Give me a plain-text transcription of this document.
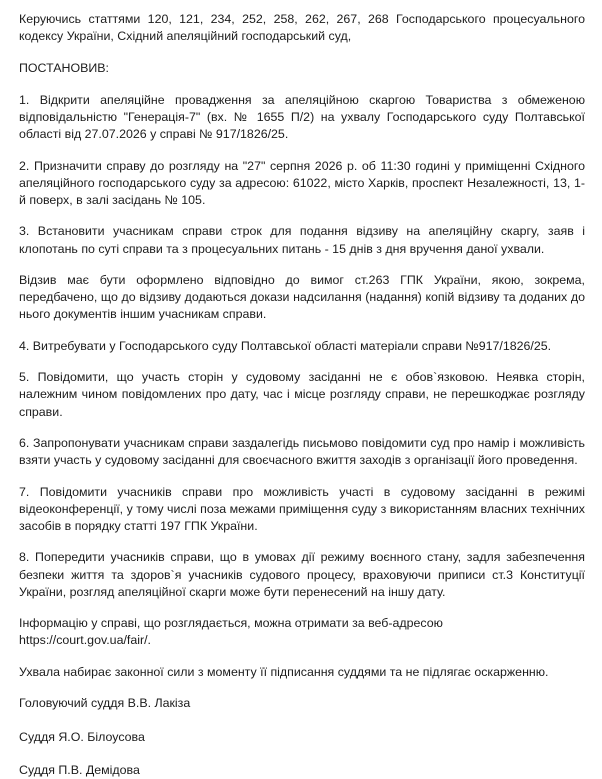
Керуючись статтями 120, 121, 234, 252, 258, 262, 267, 268 Господарського процесуального кодексу України, Східний апеляційний господарський суд,

ПОСТАНОВИВ:

1. Відкрити апеляційне провадження за апеляційною скаргою Товариства з обмеженою відповідальністю "Генерація-7" (вх. № 1655 П/2) на ухвалу Господарського суду Полтавської області від 27.07.2026 у справі № 917/1826/25.

2. Призначити справу до розгляду на "27" серпня 2026 р. об 11:30 годині у приміщенні Східного апеляційного господарського суду за адресою: 61022, місто Харків, проспект Незалежності, 13, 1-й поверх, в залі засідань № 105.

3. Встановити учасникам справи строк для подання відзиву на апеляційну скаргу, заяв і клопотань по суті справи та з процесуальних питань - 15 днів з дня вручення даної ухвали.

Відзив має бути оформлено відповідно до вимог ст.263 ГПК України, якою, зокрема, передбачено, що до відзиву додаються докази надсилання (надання) копій відзиву та доданих до нього документів іншим учасникам справи.

4. Витребувати у Господарського суду Полтавської області матеріали справи №917/1826/25.

5. Повідомити, що участь сторін у судовому засіданні не є обов`язковою. Неявка сторін, належним чином повідомлених про дату, час і місце розгляду справи, не перешкоджає розгляду справи.

6. Запропонувати учасникам справи заздалегідь письмово повідомити суд про намір і можливість взяти участь у судовому засіданні для своєчасного вжиття заходів з організації його проведення.

7. Повідомити учасників справи про можливість участі в судовому засіданні в режимі відеоконференції, у тому числі поза межами приміщення суду з використанням власних технічних засобів в порядку статті 197 ГПК України.

8. Попередити учасників справи, що в умовах дії режиму воєнного стану, задля забезпечення безпеки життя та здоров`я учасників судового процесу, враховуючи приписи ст.3 Конституції України, розгляд апеляційної скарги може бути перенесений на іншу дату.

Інформацію у справі, що розглядається, можна отримати за веб-адресою
https://court.gov.ua/fair/.

Ухвала набирає законної сили з моменту її підписання суддями та не підлягає оскарженню.

Головуючий суддя В.В. Лакіза

Суддя Я.О. Білоусова

Суддя П.В. Демідова
